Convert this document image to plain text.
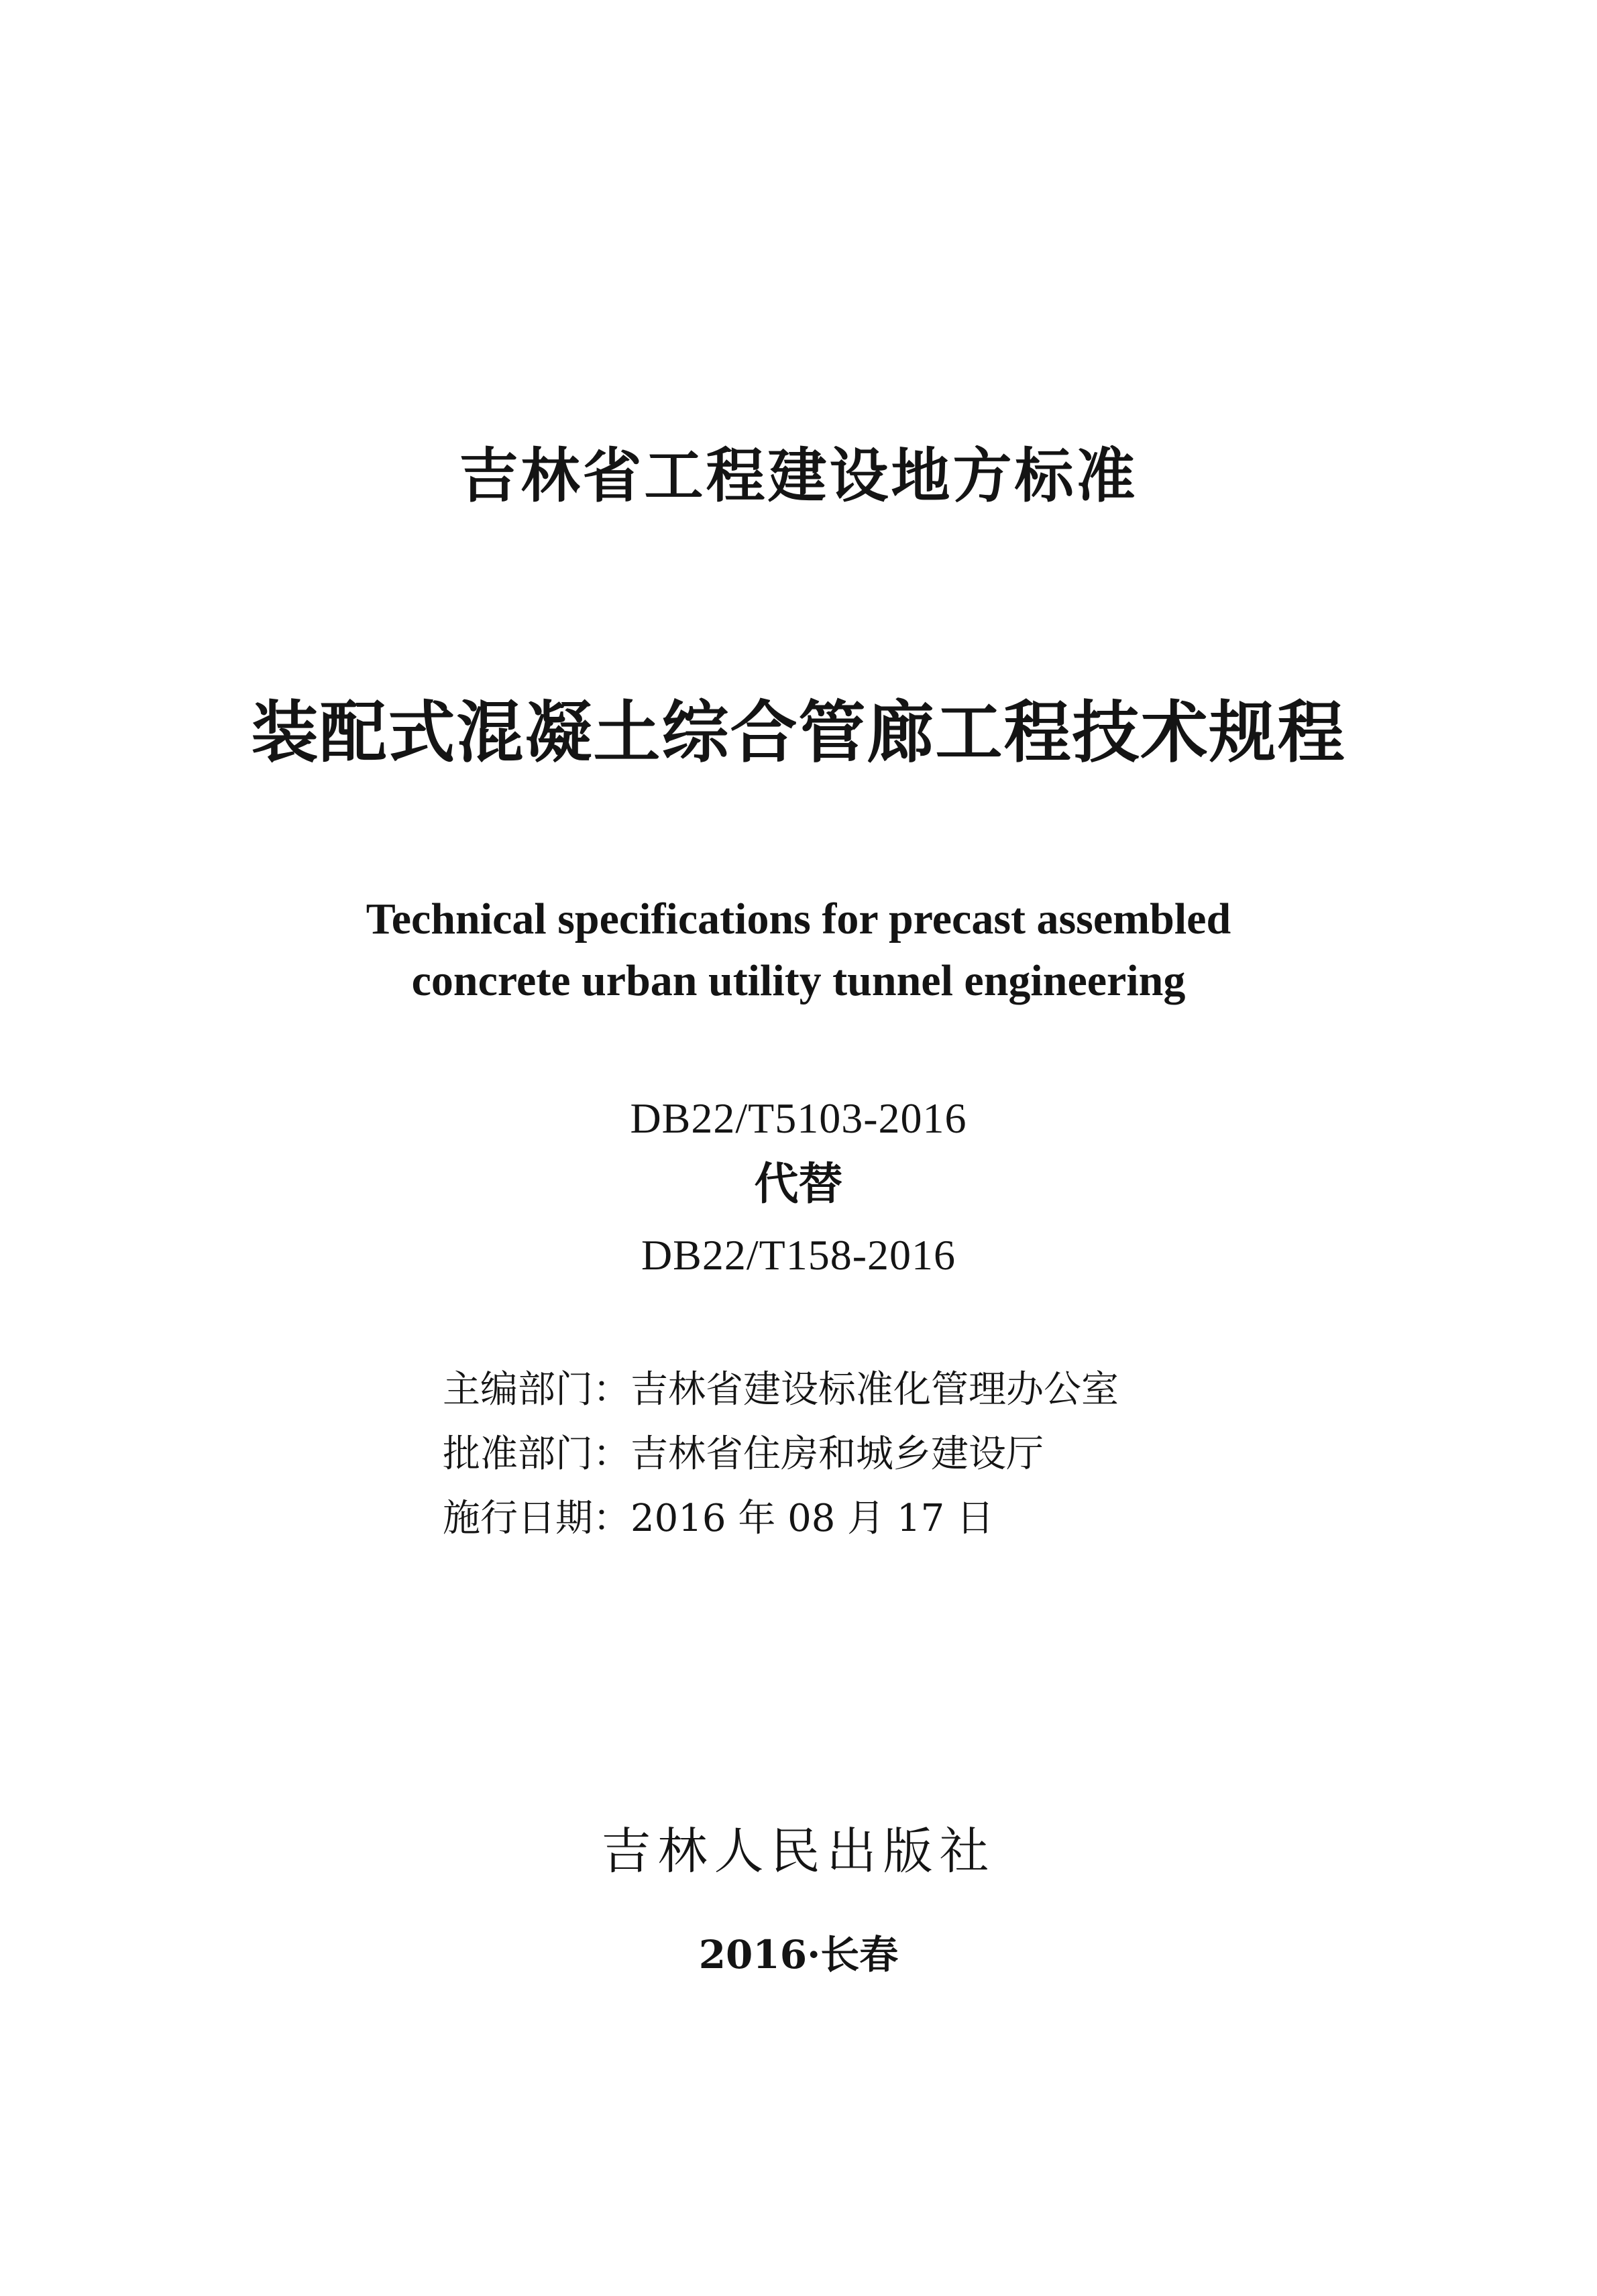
吉林省工程建设地方标准
装配式混凝土综合管廊工程技术规程
Technical specifications for precast assembled
concrete urban utility tunnel engineering
DB22/T5103-2016
代替
DB22/T158-2016
主编部门：吉林省建设标准化管理办公室
批准部门：吉林省住房和城乡建设厅
施行日期：2016 年 08 月 17 日
吉林人民出版社
2016·长春
